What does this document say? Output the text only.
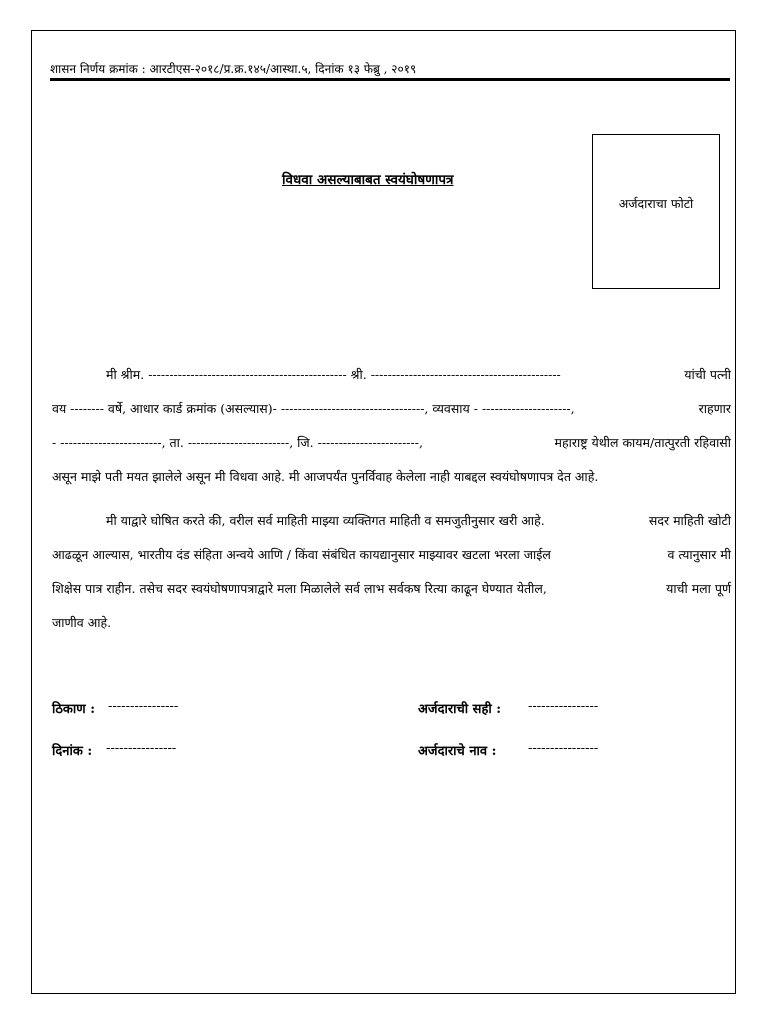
शासन निर्णय क्रमांक : आरटीएस-२०१८/प्र.क्र.१४५/आस्था.५, दिनांक १३ फेब्रु , २०१९
विधवा असल्याबाबत स्वयंघोषणापत्र
अर्जदाराचा फोटो
मी श्रीम. ----------------------------------------------- श्री. ---------------------------------------------	यांची पत्नी
वय -------- वर्षे, आधार कार्ड क्रमांक (असल्यास)- ----------------------------------, व्यवसाय - ---------------------,	राहणार
- ------------------------, ता. ------------------------, जि. ------------------------,	महाराष्ट्र येथील कायम/तात्पुरती रहिवासी
असून माझे पती मयत झालेले असून मी विधवा आहे. मी आजपर्यंत पुनर्विवाह केलेला नाही याबद्दल स्वयंघोषणापत्र देत आहे.
मी याद्वारे घोषित करते की, वरील सर्व माहिती माझ्या व्यक्तिगत माहिती व समजुतीनुसार खरी आहे.	सदर माहिती खोटी
आढळून आल्यास, भारतीय दंड संहिता अन्वये आणि / किंवा संबंधित कायद्यानुसार माझ्यावर खटला भरला जाईल	व त्यानुसार मी
शिक्षेस पात्र राहीन. तसेच सदर स्वयंघोषणापत्राद्वारे मला मिळालेले सर्व लाभ सर्वकष रित्या काढून घेण्यात येतील,	याची मला पूर्ण
जाणीव आहे.
ठिकाण : ----------------	अर्जदाराची सही : ----------------
दिनांक : ----------------	अर्जदाराचे नाव : ----------------
